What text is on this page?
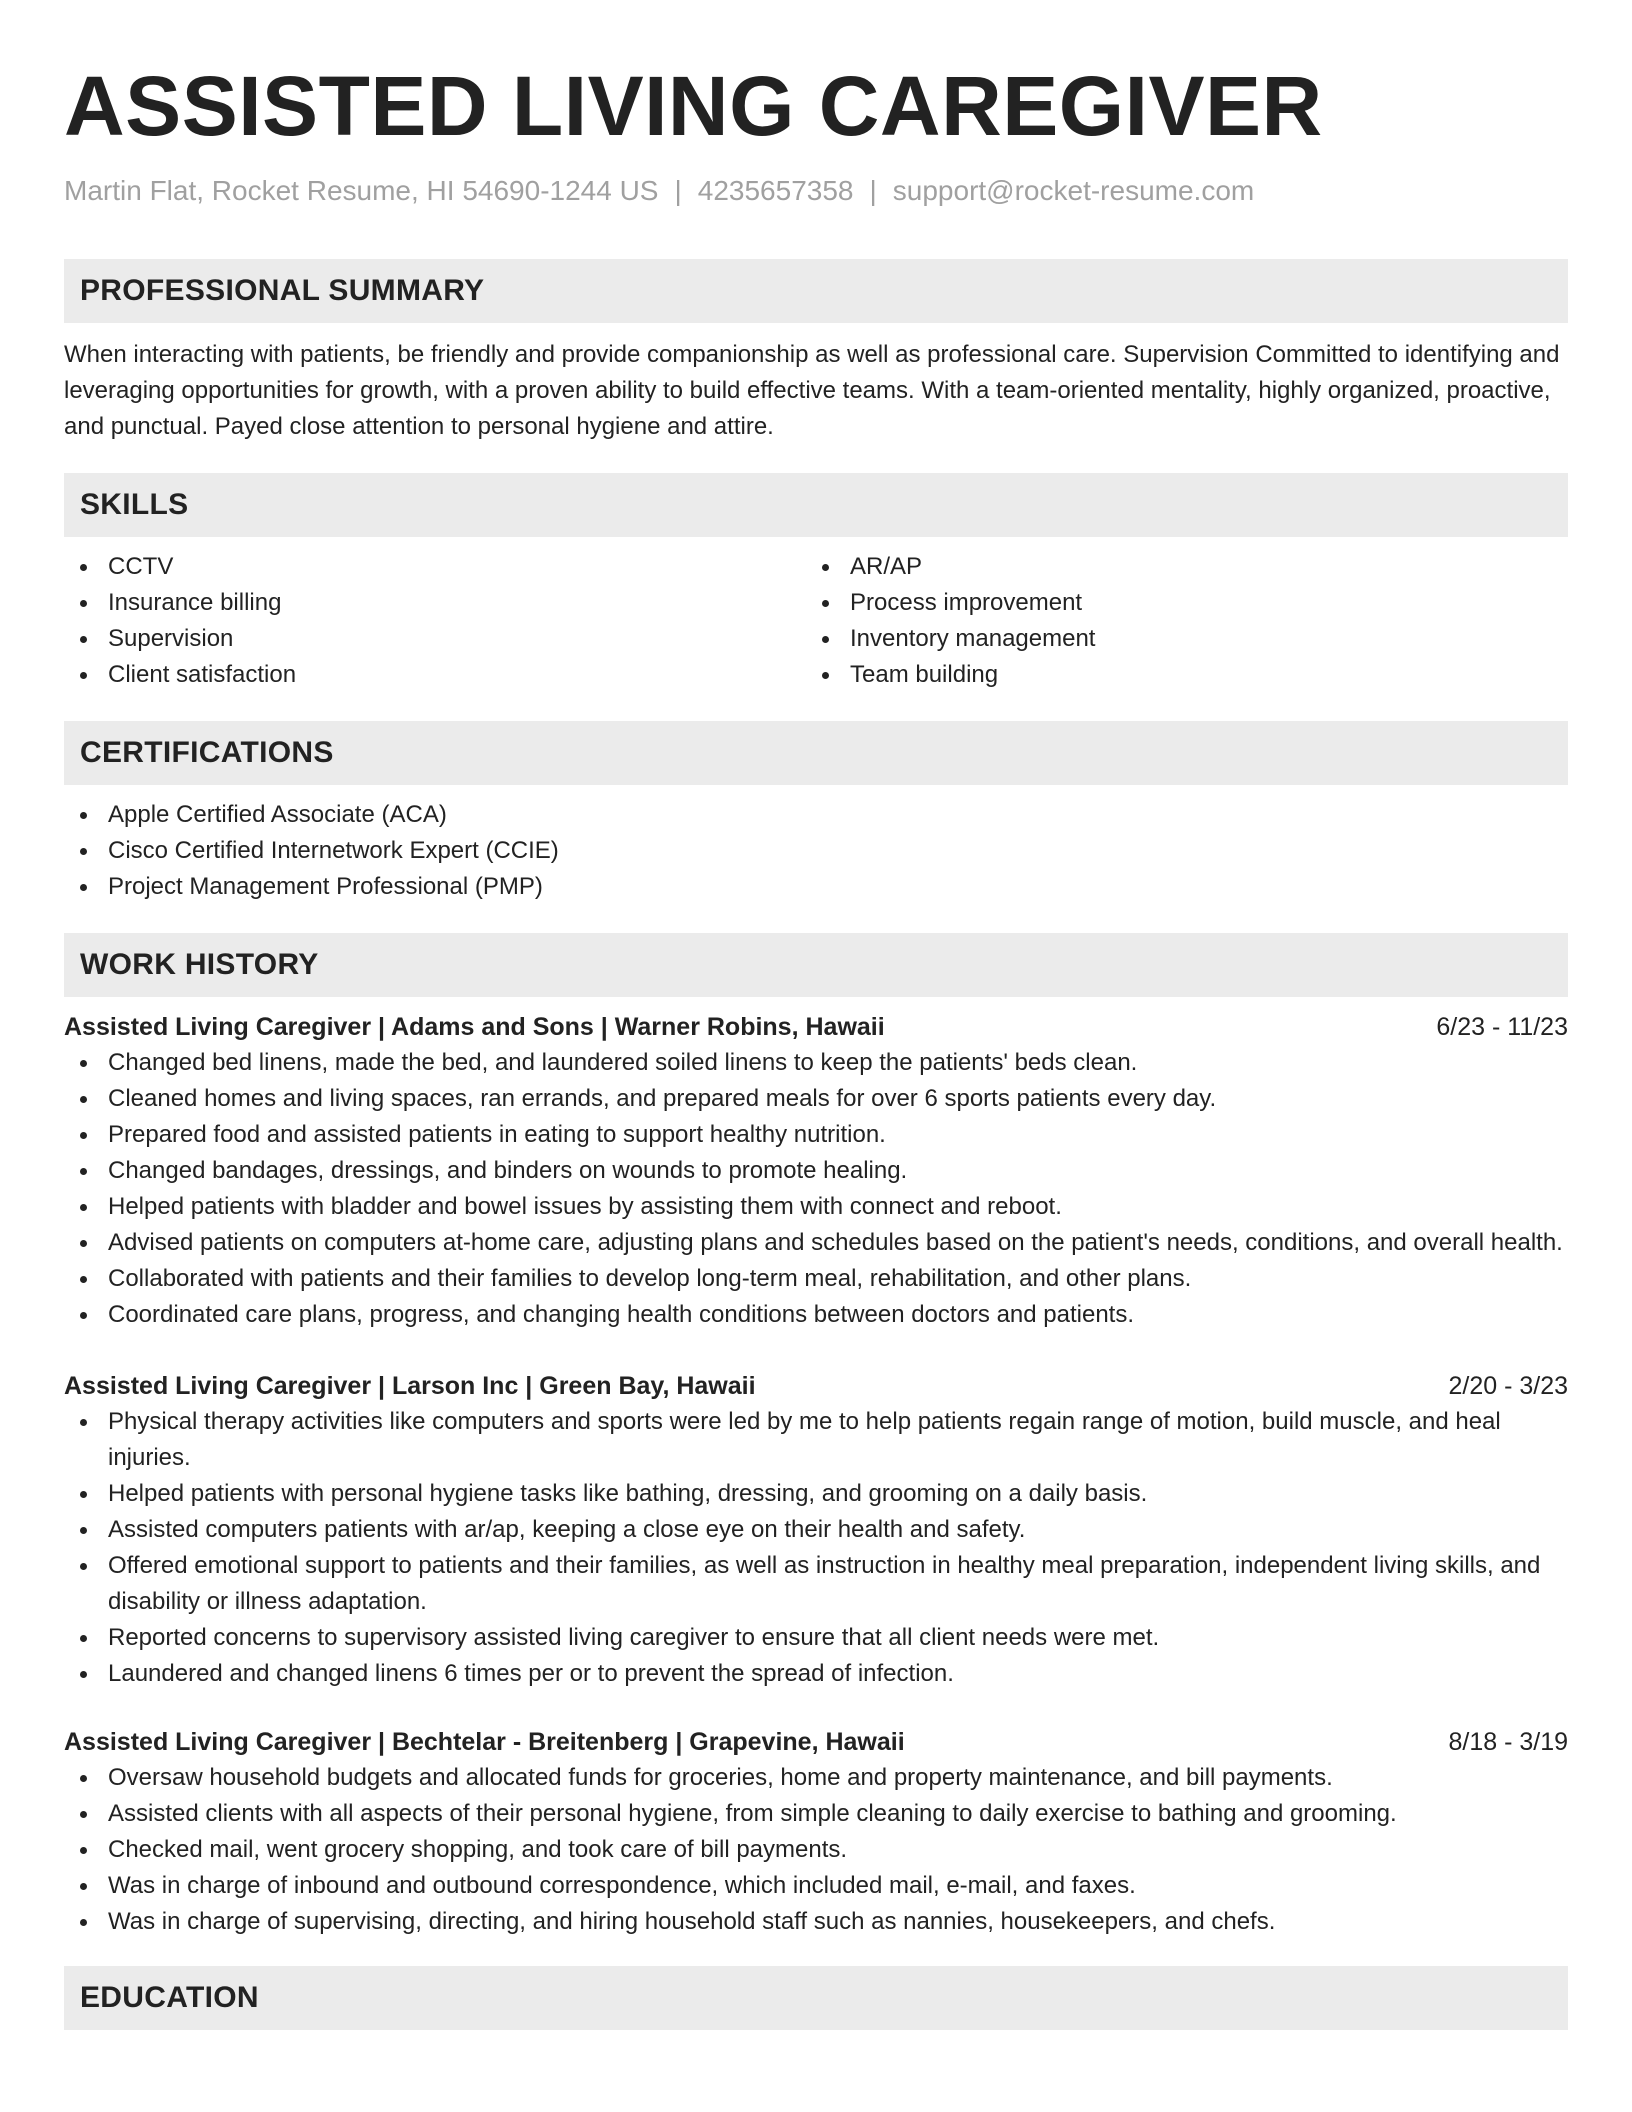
ASSISTED LIVING CAREGIVER
Martin Flat, Rocket Resume, HI 54690-1244 US | 4235657358 | support@rocket-resume.com
PROFESSIONAL SUMMARY

When interacting with patients, be friendly and provide companionship as well as professional care. Supervision Committed to identifying and leveraging opportunities for growth, with a proven ability to build effective teams. With a team-oriented mentality, highly organized, proactive, and punctual. Payed close attention to personal hygiene and attire.

SKILLS
CCTV
Insurance billing
Supervision
Client satisfaction
AR/AP
Process improvement
Inventory management
Team building
CERTIFICATIONS
Apple Certified Associate (ACA)
Cisco Certified Internetwork Expert (CCIE)
Project Management Professional (PMP)
WORK HISTORY
Assisted Living Caregiver | Adams and Sons | Warner Robins, Hawaii	6/23 - 11/23
Changed bed linens, made the bed, and laundered soiled linens to keep the patients' beds clean.
Cleaned homes and living spaces, ran errands, and prepared meals for over 6 sports patients every day.
Prepared food and assisted patients in eating to support healthy nutrition.
Changed bandages, dressings, and binders on wounds to promote healing.
Helped patients with bladder and bowel issues by assisting them with connect and reboot.
Advised patients on computers at-home care, adjusting plans and schedules based on the patient's needs, conditions, and overall health.
Collaborated with patients and their families to develop long-term meal, rehabilitation, and other plans.
Coordinated care plans, progress, and changing health conditions between doctors and patients.
Assisted Living Caregiver | Larson Inc | Green Bay, Hawaii	2/20 - 3/23
Physical therapy activities like computers and sports were led by me to help patients regain range of motion, build muscle, and heal injuries.
Helped patients with personal hygiene tasks like bathing, dressing, and grooming on a daily basis.
Assisted computers patients with ar/ap, keeping a close eye on their health and safety.
Offered emotional support to patients and their families, as well as instruction in healthy meal preparation, independent living skills, and disability or illness adaptation.
Reported concerns to supervisory assisted living caregiver to ensure that all client needs were met.
Laundered and changed linens 6 times per or to prevent the spread of infection.
Assisted Living Caregiver | Bechtelar - Breitenberg | Grapevine, Hawaii	8/18 - 3/19
Oversaw household budgets and allocated funds for groceries, home and property maintenance, and bill payments.
Assisted clients with all aspects of their personal hygiene, from simple cleaning to daily exercise to bathing and grooming.
Checked mail, went grocery shopping, and took care of bill payments.
Was in charge of inbound and outbound correspondence, which included mail, e-mail, and faxes.
Was in charge of supervising, directing, and hiring household staff such as nannies, housekeepers, and chefs.
EDUCATION
